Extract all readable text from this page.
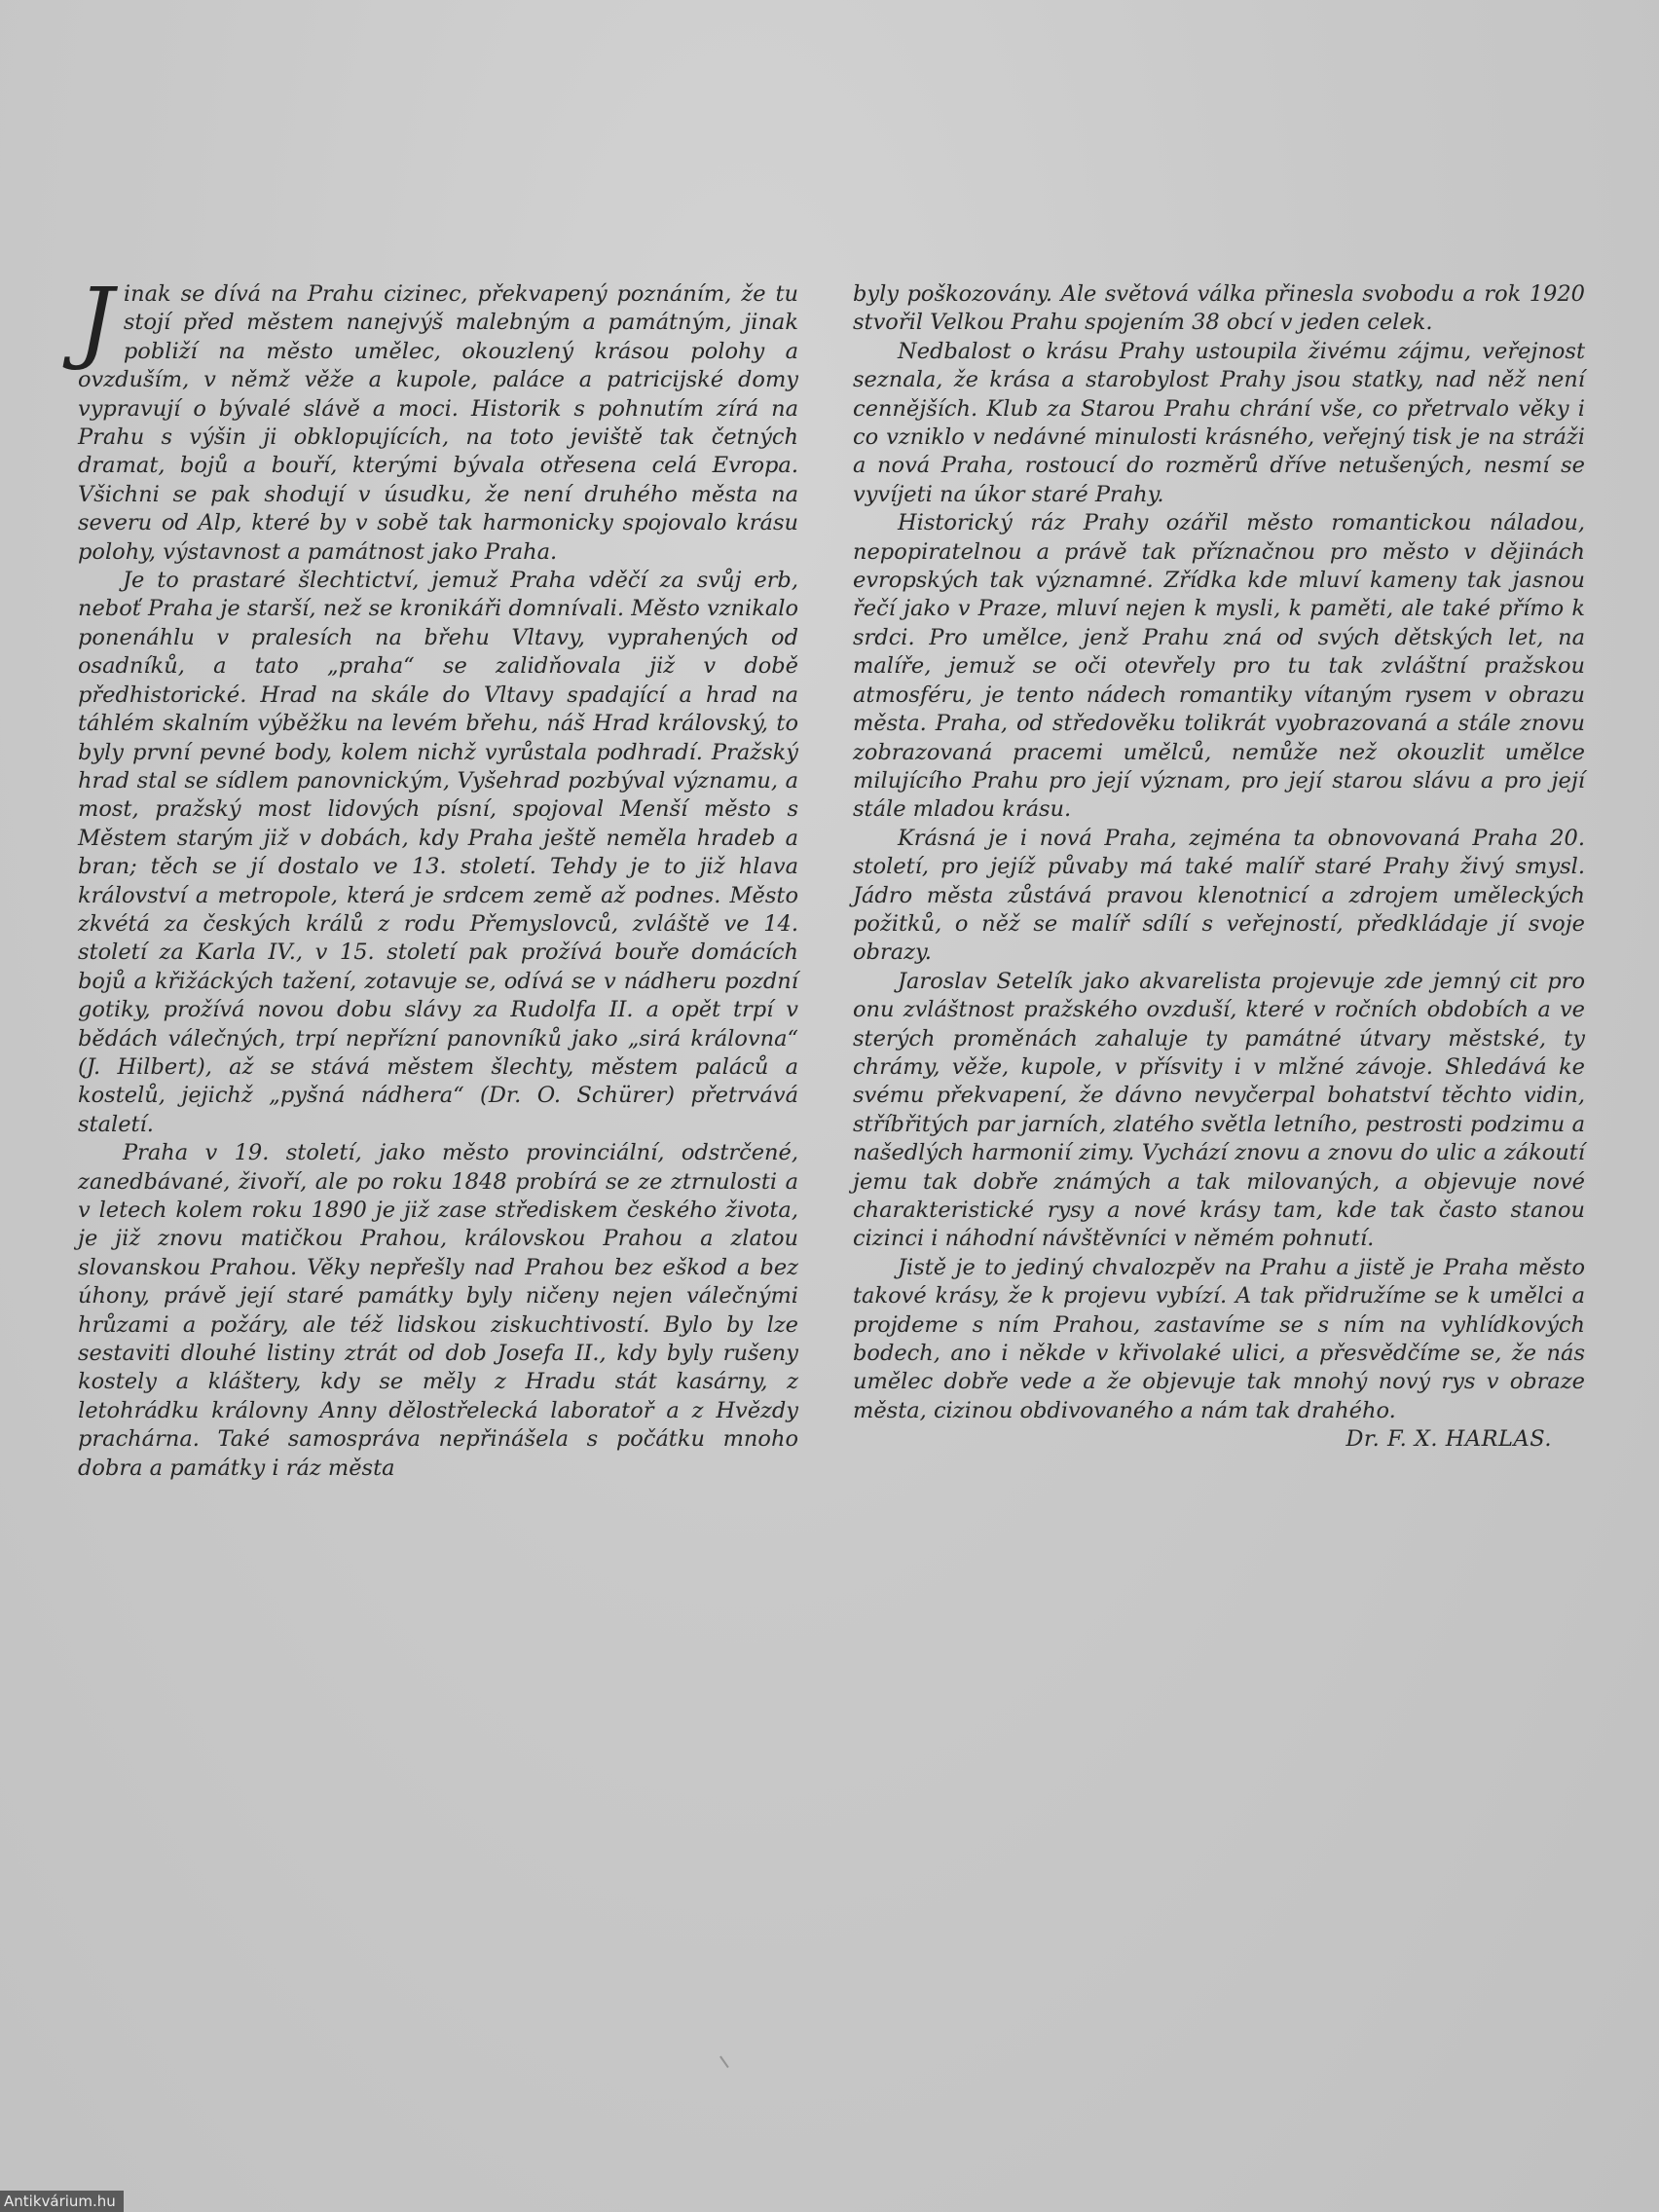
Jinak se dívá na Prahu cizinec, překvapený poznáním, že tu stojí před městem nanejvýš malebným a památným, jinak pobliží na město umělec, okouzlený krásou polohy a ovzduším, v němž věže a kupole, paláce a patricijské domy vypravují o bývalé slávě a moci. Historik s pohnutím zírá na Prahu s výšin ji obklopujících, na toto jeviště tak četných dramat, bojů a bouří, kterými bývala otřesena celá Evropa. Všichni se pak shodují v úsudku, že není druhého města na severu od Alp, které by v sobě tak harmonicky spojovalo krásu polohy, výstavnost a památnost jako Praha.

Je to prastaré šlechtictví, jemuž Praha vděčí za svůj erb, neboť Praha je starší, než se kronikáři domnívali. Město vznikalo ponenáhlu v pralesích na břehu Vltavy, vyprahených od osadníků, a tato „praha“ se zalidňovala již v době předhistorické. Hrad na skále do Vltavy spadající a hrad na táhlém skalním výběžku na levém břehu, náš Hrad královský, to byly první pevné body, kolem nichž vyrůstala podhradí. Pražský hrad stal se sídlem panovnickým, Vyšehrad pozbýval významu, a most, pražský most lidových písní, spojoval Menší město s Městem starým již v dobách, kdy Praha ještě neměla hradeb a bran; těch se jí dostalo ve 13. století. Tehdy je to již hlava království a metropole, která je srdcem země až podnes. Město zkvétá za českých králů z rodu Přemyslovců, zvláště ve 14. století za Karla IV., v 15. století pak prožívá bouře domácích bojů a křižáckých tažení, zotavuje se, odívá se v nádheru pozdní gotiky, prožívá novou dobu slávy za Rudolfa II. a opět trpí v bědách válečných, trpí nepřízní panovníků jako „sirá královna“ (J. Hilbert), až se stává městem šlechty, městem paláců a kostelů, jejichž „pyšná nádhera“ (Dr. O. Schürer) přetrvává staletí.

Praha v 19. století, jako město provinciální, odstrčené, zanedbávané, živoří, ale po roku 1848 probírá se ze ztrnulosti a v letech kolem roku 1890 je již zase střediskem českého života, je již znovu matičkou Prahou, královskou Prahou a zlatou slovanskou Prahou. Věky nepřešly nad Prahou bez eškod a bez úhony, právě její staré památky byly ničeny nejen válečnými hrůzami a požáry, ale též lidskou ziskuchtivostí. Bylo by lze sestaviti dlouhé listiny ztrát od dob Josefa II., kdy byly rušeny kostely a kláštery, kdy se měly z Hradu stát kasárny, z letohrádku královny Anny dělostřelecká laboratoř a z Hvězdy prachárna. Také samospráva nepřinášela s počátku mnoho dobra a památky i ráz města

byly poškozovány. Ale světová válka přinesla svobodu a rok 1920 stvořil Velkou Prahu spojením 38 obcí v jeden celek.

Nedbalost o krásu Prahy ustoupila živému zájmu, veřejnost seznala, že krása a starobylost Prahy jsou statky, nad něž není cennějších. Klub za Starou Prahu chrání vše, co přetrvalo věky i co vzniklo v nedávné minulosti krásného, veřejný tisk je na stráži a nová Praha, rostoucí do rozměrů dříve netušených, nesmí se vyvíjeti na úkor staré Prahy.

Historický ráz Prahy ozářil město romantickou náladou, nepopiratelnou a právě tak příznačnou pro město v dějinách evropských tak významné. Zřídka kde mluví kameny tak jasnou řečí jako v Praze, mluví nejen k mysli, k paměti, ale také přímo k srdci. Pro umělce, jenž Prahu zná od svých dětských let, na malíře, jemuž se oči otevřely pro tu tak zvláštní pražskou atmosféru, je tento nádech romantiky vítaným rysem v obrazu města. Praha, od středověku tolikrát vyobrazovaná a stále znovu zobrazovaná pracemi umělců, nemůže než okouzlit umělce milujícího Prahu pro její význam, pro její starou slávu a pro její stále mladou krásu.

Krásná je i nová Praha, zejména ta obnovovaná Praha 20. století, pro jejíž půvaby má také malíř staré Prahy živý smysl. Jádro města zůstává pravou klenotnicí a zdrojem uměleckých požitků, o něž se malíř sdílí s veřejností, předkládaje jí svoje obrazy.

Jaroslav Setelík jako akvarelista projevuje zde jemný cit pro onu zvláštnost pražského ovzduší, které v ročních obdobích a ve sterých proměnách zahaluje ty památné útvary městské, ty chrámy, věže, kupole, v přísvity i v mlžné závoje. Shledává ke svému překvapení, že dávno nevyčerpal bohatství těchto vidin, stříbřitých par jarních, zlatého světla letního, pestrosti podzimu a našedlých harmonií zimy. Vychází znovu a znovu do ulic a zákoutí jemu tak dobře známých a tak milovaných, a objevuje nové charakteristické rysy a nové krásy tam, kde tak často stanou cizinci i náhodní návštěvníci v němém pohnutí.

Jistě je to jediný chvalozpěv na Prahu a jistě je Praha město takové krásy, že k projevu vybízí. A tak přidružíme se k umělci a projdeme s ním Prahou, zastavíme se s ním na vyhlídkových bodech, ano i někde v křivolaké ulici, a přesvědčíme se, že nás umělec dobře vede a že objevuje tak mnohý nový rys v obraze města, cizinou obdivovaného a nám tak drahého.

Dr. F. X. HARLAS.
Antikvárium.hu
